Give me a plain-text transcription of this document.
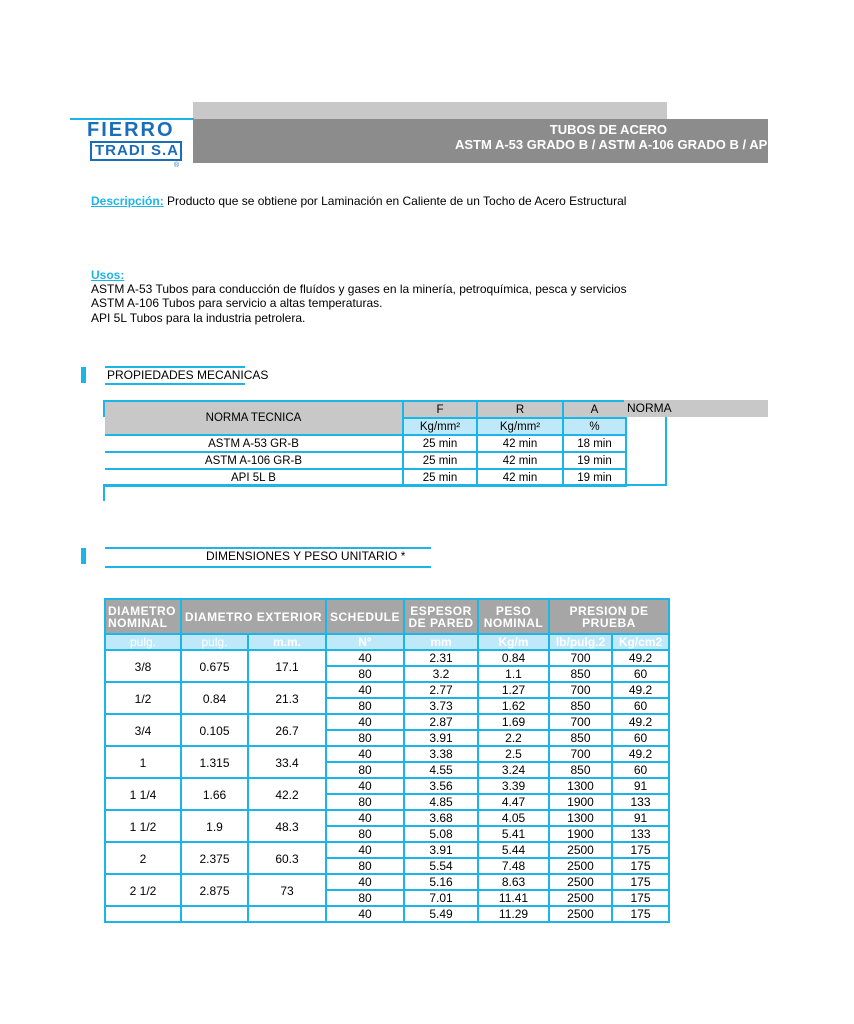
TUBOS DE ACERO
ASTM A-53 GRADO B / ASTM A-106 GRADO B / API 5L GRADO B
FIERRO
TRADI S.A.
®
Descripción: Producto que se obtiene por Laminación en Caliente de un Tocho de Acero Estructural
Usos:
ASTM A-53 Tubos para conducción de fluídos y gases en la minería, petroquímica, pesca y servicios
ASTM A-106 Tubos para servicio a altas temperaturas.
API 5L Tubos para la industria petrolera.
PROPIEDADES MECANICAS
NORMA TECNICA	F	R	A
	Kg/mm²	Kg/mm²	%
ASTM A-53 GR-B	25 min	42 min	18 min
ASTM A-106 GR-B	25 min	42 min	19 min
API 5L B	25 min	42 min	19 min
NORMA
DIMENSIONES Y PESO UNITARIO *
DIAMETRO NOMINAL	DIAMETRO EXTERIOR		SCHEDULE	ESPESOR DE PARED	PESO NOMINAL	PRESION DE PRUEBA	
pulg.	pulg.	m.m.	N°	mm	Kg/m	lb/pulg.2	Kg/cm2
3/8	0.675	17.1	40	2.31	0.84	700	49.2
			80	3.2	1.1	850	60
1/2	0.84	21.3	40	2.77	1.27	700	49.2
			80	3.73	1.62	850	60
3/4	0.105	26.7	40	2.87	1.69	700	49.2
			80	3.91	2.2	850	60
1	1.315	33.4	40	3.38	2.5	700	49.2
			80	4.55	3.24	850	60
1 1/4	1.66	42.2	40	3.56	3.39	1300	91
			80	4.85	4.47	1900	133
1 1/2	1.9	48.3	40	3.68	4.05	1300	91
			80	5.08	5.41	1900	133
2	2.375	60.3	40	3.91	5.44	2500	175
			80	5.54	7.48	2500	175
2 1/2	2.875	73	40	5.16	8.63	2500	175
			80	7.01	11.41	2500	175
			40	5.49	11.29	2500	175
